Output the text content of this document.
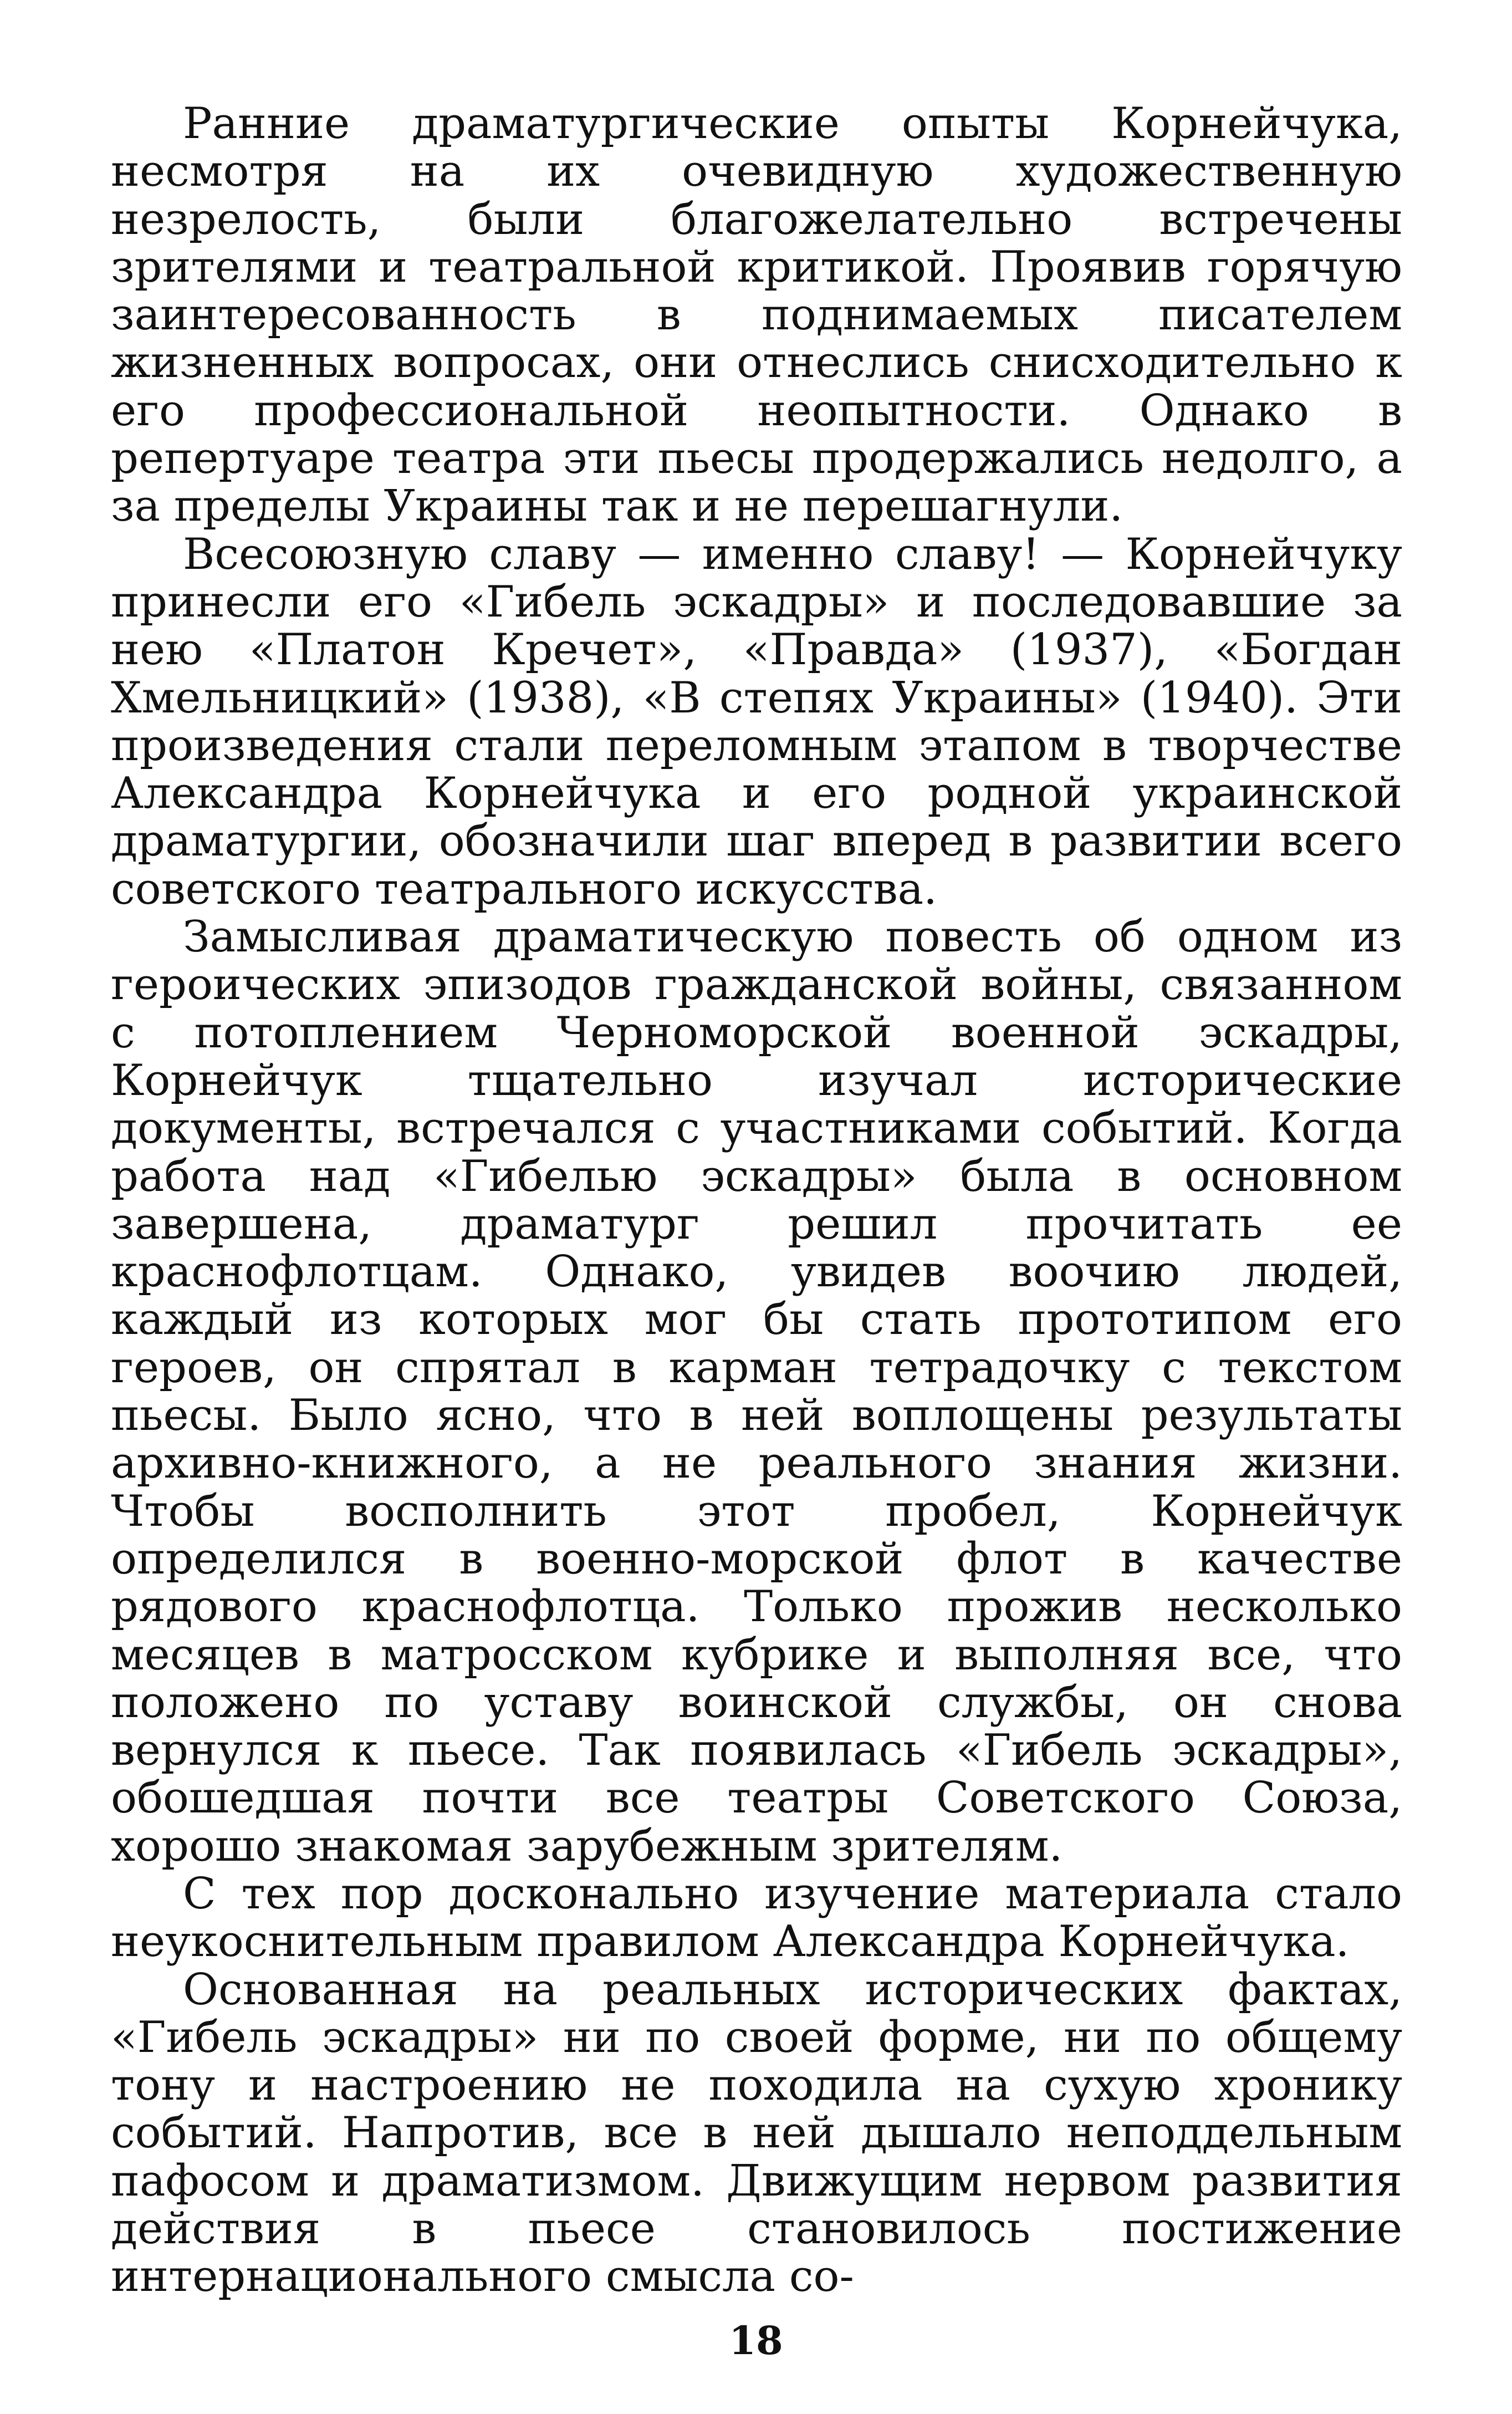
Ранние драматургические опыты Корнейчука, несмотря на их очевидную художественную незрелость, были благожелательно встречены зрителями и театральной критикой. Проявив горячую заинтересованность в поднимаемых писателем жизненных вопросах, они отнеслись снисходительно к его профессиональной неопытности. Однако в репертуаре театра эти пьесы продержались недолго, а за пределы Украины так и не перешагнули.

Всесоюзную славу — именно славу! — Корнейчуку принесли его «Гибель эскадры» и последовавшие за нею «Платон Кречет», «Правда» (1937), «Богдан Хмельницкий» (1938), «В степях Украины» (1940). Эти произведения стали переломным этапом в творчестве Александра Корнейчука и его родной украинской драматургии, обозначили шаг вперед в развитии всего советского театрального искусства.

Замысливая драматическую повесть об одном из героических эпизодов гражданской войны, связанном с потоплением Черноморской военной эскадры, Корнейчук тщательно изучал исторические документы, встречался с участниками событий. Когда работа над «Гибелью эскадры» была в основном завершена, драматург решил прочитать ее краснофлотцам. Однако, увидев воочию людей, каждый из которых мог бы стать прототипом его героев, он спрятал в карман тетрадочку с текстом пьесы. Было ясно, что в ней воплощены результаты архивно-книжного, а не реального знания жизни. Чтобы восполнить этот пробел, Корнейчук определился в военно-морской флот в качестве рядового краснофлотца. Только прожив несколько месяцев в матросском кубрике и выполняя все, что положено по уставу воинской службы, он снова вернулся к пьесе. Так появилась «Гибель эскадры», обошедшая почти все театры Советского Союза, хорошо знакомая зарубежным зрителям.

С тех пор досконально изучение материала стало неукоснительным правилом Александра Корнейчука.

Основанная на реальных исторических фактах, «Гибель эскадры» ни по своей форме, ни по общему тону и настроению не походила на сухую хронику событий. Напротив, все в ней дышало неподдельным пафосом и драматизмом. Движущим нервом развития действия в пьесе становилось постижение интернационального смысла со-

18
